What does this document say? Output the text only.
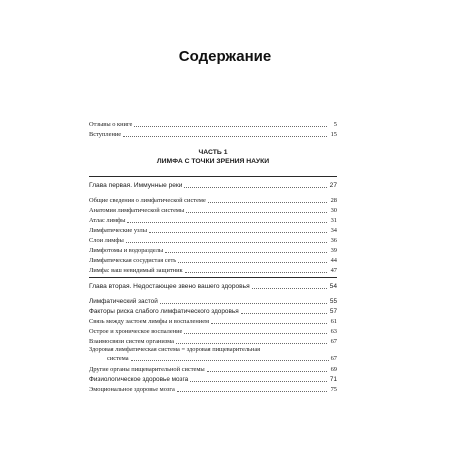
Содержание
Отзывы о книге	5
Вступление	15
ЧАСТЬ 1
ЛИМФА С ТОЧКИ ЗРЕНИЯ НАУКИ
Глава первая. Иммунные реки	27
Общие сведения о лимфатической системе	28
Анатомия лимфатической системы	30
Атлас лимфы	31
Лимфатические узлы	34
Слои лимфы	36
Лимфотомы и водоразделы	39
Лимфатическая сосудистая сеть	44
Лимфа: ваш невидимый защитник	47
Глава вторая. Недостающее звено вашего здоровья	54
Лимфатический застой	55
Факторы риска слабого лимфатического здоровья	57
Связь между застоем лимфы и воспалением	61
Острое и хроническое воспаление	63
Взаимосвязи систем организма	67
Здоровая лимфатическая система = здоровая пищеварительная
система	67
Другие органы пищеварительной системы	69
Физиологическое здоровье мозга	71
Эмоциональное здоровье мозга	75
